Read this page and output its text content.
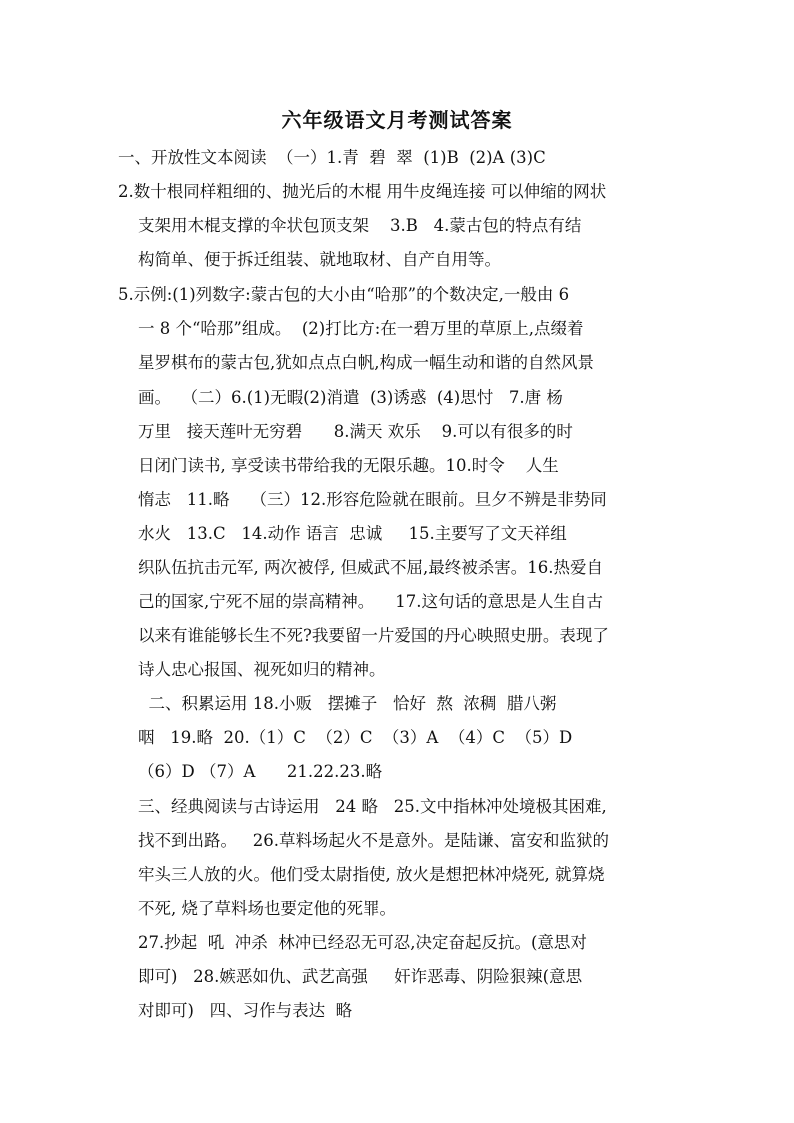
六年级语文月考测试答案
一、开放性文本阅读  （一）1.青  碧  翠  (1)B  (2)A (3)C
2.数十根同样粗细的、抛光后的木棍 用牛皮绳连接 可以伸缩的网状
支架用木棍支撑的伞状包顶支架    3.B   4.蒙古包的特点有结
构简单、便于拆迁组装、就地取材、自产自用等。
5.示例:(1)列数字:蒙古包的大小由“哈那”的个数决定,一般由 6
一 8 个“哈那”组成。  (2)打比方:在一碧万里的草原上,点缀着
星罗棋布的蒙古包,犹如点点白帆,构成一幅生动和谐的自然风景
画。  （二）6.(1)无暇(2)消遣  (3)诱惑  (4)思忖   7.唐 杨
万里   接天莲叶无穷碧      8.满天 欢乐    9.可以有很多的时
日闭门读书, 享受读书带给我的无限乐趣。10.时令    人生
惰志   11.略    （三）12.形容危险就在眼前。旦夕不辨是非势同
水火   13.C   14.动作 语言  忠诚     15.主要写了文天祥组
织队伍抗击元军, 两次被俘, 但威武不屈,最终被杀害。16.热爱自
己的国家,宁死不屈的崇高精神。    17.这句话的意思是人生自古
以来有谁能够长生不死?我要留一片爱国的丹心映照史册。表现了
诗人忠心报国、视死如归的精神。
二、积累运用 18.小贩   摆摊子   恰好  熬  浓稠  腊八粥
咽   19.略  20.（1）C  （2）C  （3）A  （4）C  （5）D
（6）D （7）A      21.22.23.略
三、经典阅读与古诗运用   24 略   25.文中指林冲处境极其困难,
找不到出路。   26.草料场起火不是意外。是陆谦、富安和监狱的
牢头三人放的火。他们受太尉指使, 放火是想把林冲烧死, 就算烧
不死, 烧了草料场也要定他的死罪。
27.抄起  吼  冲杀  林冲已经忍无可忍,决定奋起反抗。(意思对
即可)   28.嫉恶如仇、武艺高强     奸诈恶毒、阴险狠辣(意思
对即可)   四、习作与表达  略
